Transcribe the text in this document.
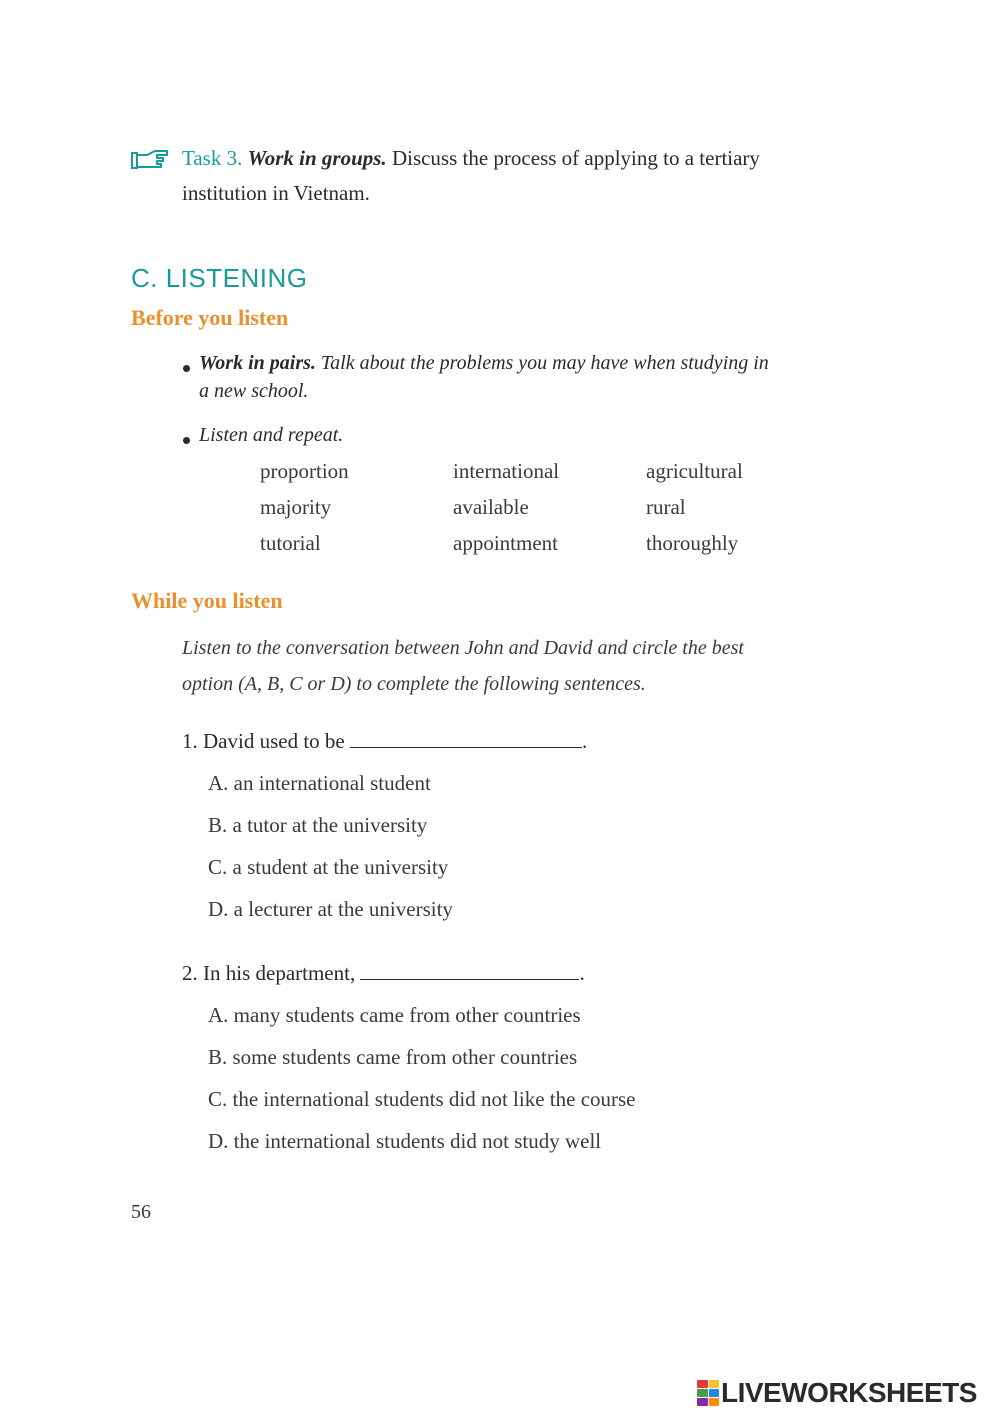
Task 3. Work in groups. Discuss the process of applying to a tertiary
institution in Vietnam.
C. LISTENING
Before you listen
Work in pairs. Talk about the problems you may have when studying in
a new school.
Listen and repeat.
proportion	international	agricultural
majority	available	rural
tutorial	appointment	thoroughly
While you listen
Listen to the conversation between John and David and circle the best
option (A, B, C or D) to complete the following sentences.
1. David used to be	.
A. an international student
B. a tutor at the university
C. a student at the university
D. a lecturer at the university
2. In his department,	.
A. many students came from other countries
B. some students came from other countries
C. the international students did not like the course
D. the international students did not study well
56
LIVEWORKSHEETS
